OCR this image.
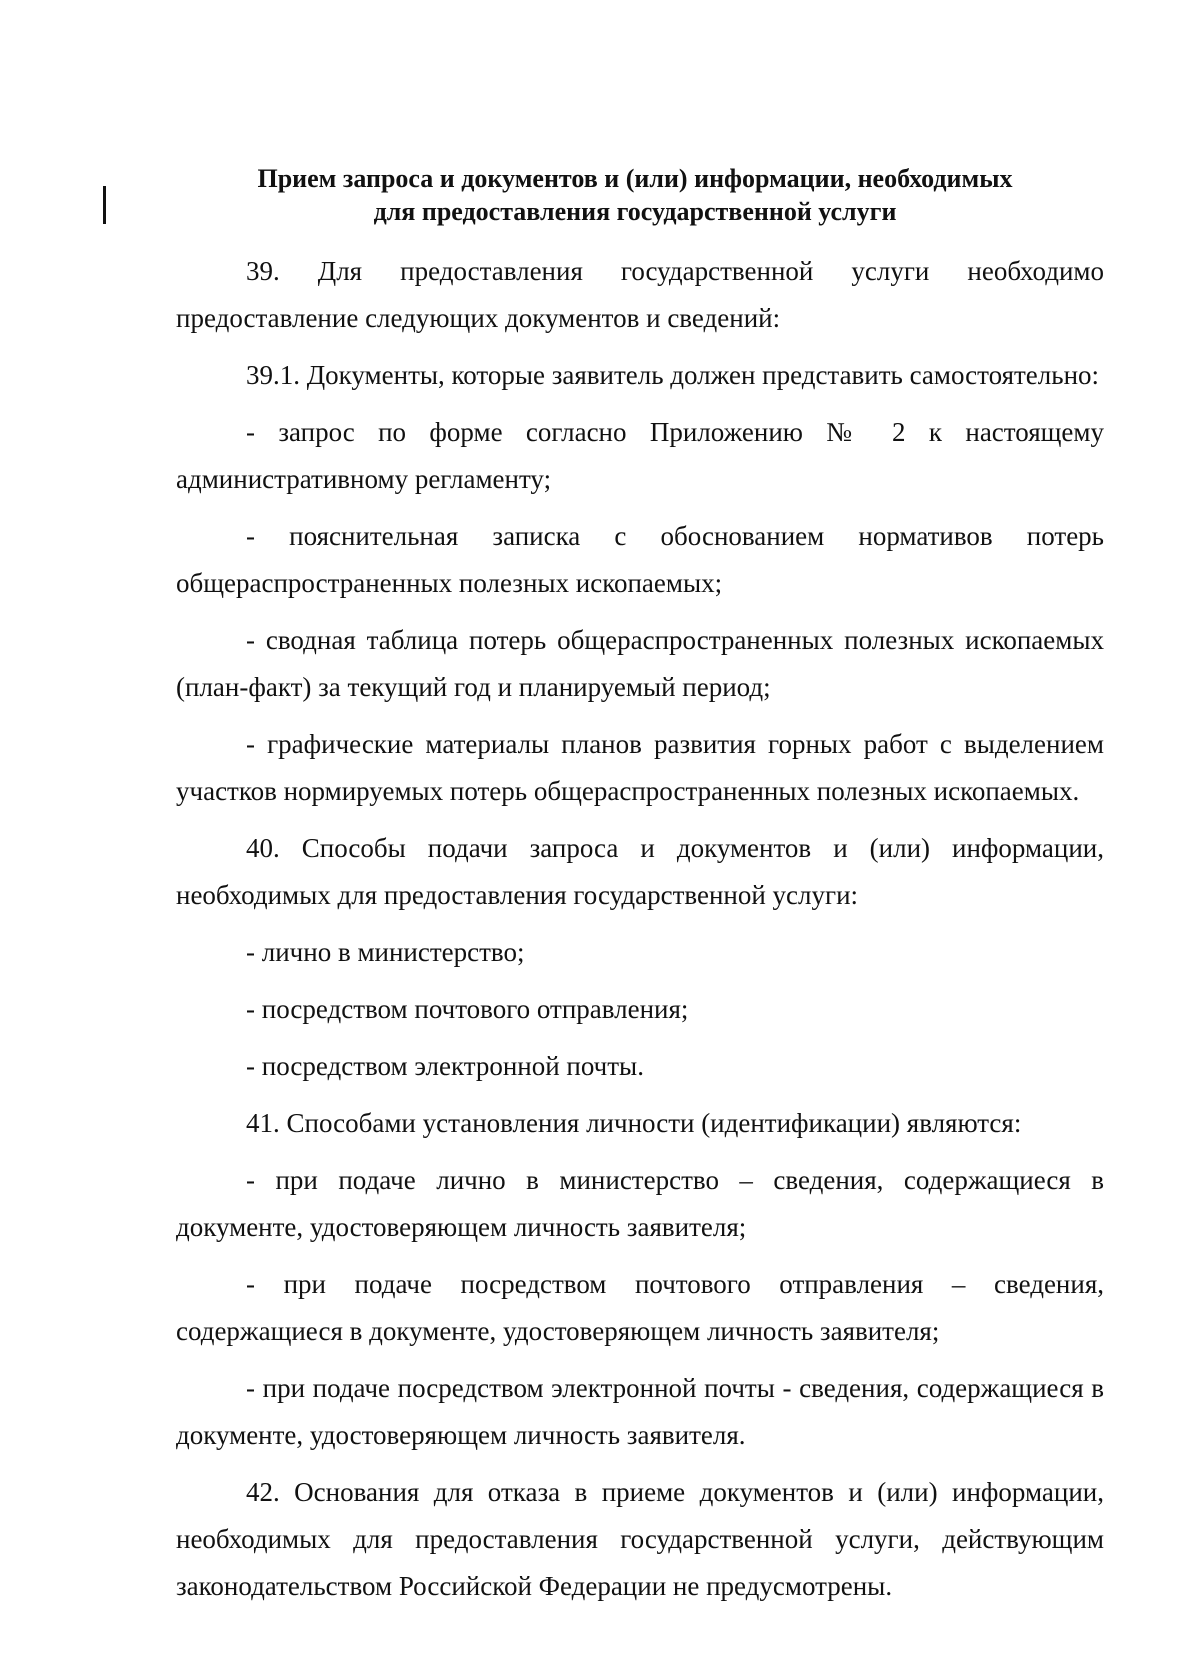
Прием запроса и документов и (или) информации, необходимых
для предоставления государственной услуги

39. Для предоставления государственной услуги необходимо предоставление следующих документов и сведений:

39.1. Документы, которые заявитель должен представить самостоятельно:

- запрос по форме согласно Приложению № 2 к настоящему административному регламенту;

- пояснительная записка с обоснованием нормативов потерь общераспространенных полезных ископаемых;

- сводная таблица потерь общераспространенных полезных ископаемых (план-факт) за текущий год и планируемый период;

- графические материалы планов развития горных работ с выделением участков нормируемых потерь общераспространенных полезных ископаемых.

40. Способы подачи запроса и документов и (или) информации, необходимых для предоставления государственной услуги:

- лично в министерство;

- посредством почтового отправления;

- посредством электронной почты.

41. Способами установления личности (идентификации) являются:

- при подаче лично в министерство – сведения, содержащиеся в документе, удостоверяющем личность заявителя;

- при подаче посредством почтового отправления – сведения, содержащиеся в документе, удостоверяющем личность заявителя;

- при подаче посредством электронной почты - сведения, содержащиеся в документе, удостоверяющем личность заявителя.

42. Основания для отказа в приеме документов и (или) информации, необходимых для предоставления государственной услуги, действующим законодательством Российской Федерации не предусмотрены.
